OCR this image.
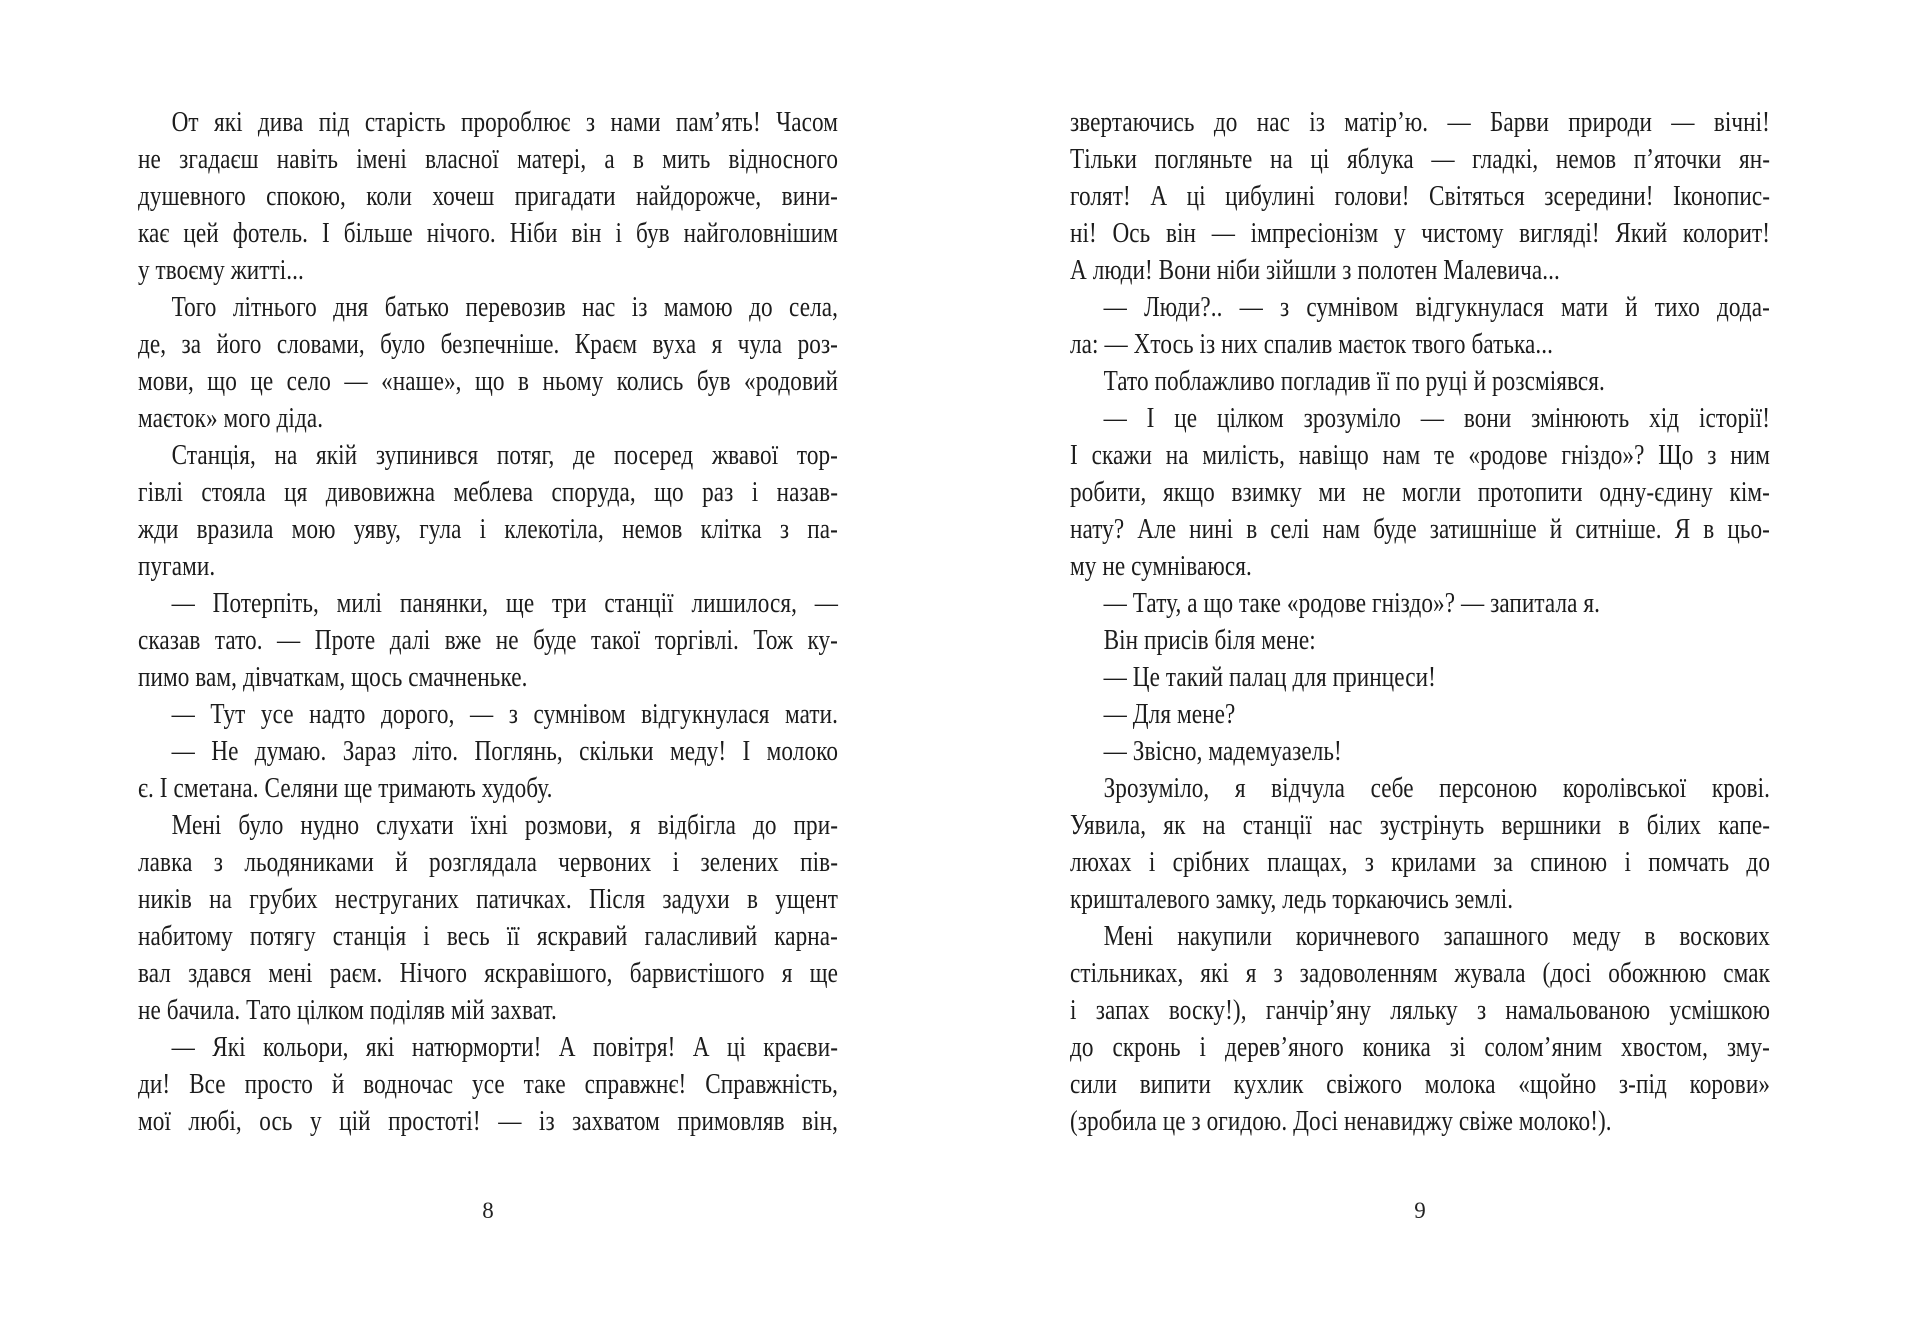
От які дива під старість пророблює з нами пам’ять! Часом
не згадаєш навіть імені власної матері, а в мить відносного
душевного спокою, коли хочеш пригадати найдорожче, вини-
кає цей фотель. І більше нічого. Ніби він і був найголовнішим
у твоєму житті...
Того літнього дня батько перевозив нас із мамою до села,
де, за його словами, було безпечніше. Краєм вуха я чула роз-
мови, що це село — «наше», що в ньому колись був «родовий
маєток» мого діда.
Станція, на якій зупинився потяг, де посеред жвавої тор-
гівлі стояла ця дивовижна меблева споруда, що раз і назав-
жди вразила мою уяву, гула і клекотіла, немов клітка з па-
пугами.
— Потерпіть, милі панянки, ще три станції лишилося, —
сказав тато. — Проте далі вже не буде такої торгівлі. Тож ку-
пимо вам, дівчаткам, щось смачненьке.
— Тут усе надто дорого, — з сумнівом відгукнулася мати.
— Не думаю. Зараз літо. Поглянь, скільки меду! І молоко
є. І сметана. Селяни ще тримають худобу.
Мені було нудно слухати їхні розмови, я відбігла до при-
лавка з льодяниками й розглядала червоних і зелених пів-
ників на грубих неструганих патичках. Після задухи в ущент
набитому потягу станція і весь її яскравий галасливий карна-
вал здався мені раєм. Нічого яскравішого, барвистішого я ще
не бачила. Тато цілком поділяв мій захват.
— Які кольори, які натюрморти! А повітря! А ці краєви-
ди! Все просто й водночас усе таке справжнє! Справжність,
мої любі, ось у цій простоті! — із захватом примовляв він,
8
звертаючись до нас із матір’ю. — Барви природи — вічні!
Тільки погляньте на ці яблука — гладкі, немов п’яточки ян-
голят! А ці цибулині голови! Світяться зсередини! Іконопис-
ні! Ось він — імпресіонізм у чистому вигляді! Який колорит!
А люди! Вони ніби зійшли з полотен Малевича...
— Люди?.. — з сумнівом відгукнулася мати й тихо дода-
ла: — Хтось із них спалив маєток твого батька...
Тато поблажливо погладив її по руці й розсміявся.
— І це цілком зрозуміло — вони змінюють хід історії!
І скажи на милість, навіщо нам те «родове гніздо»? Що з ним
робити, якщо взимку ми не могли протопити одну-єдину кім-
нату? Але нині в селі нам буде затишніше й ситніше. Я в цьо-
му не сумніваюся.
— Тату, а що таке «родове гніздо»? — запитала я.
Він присів біля мене:
— Це такий палац для принцеси!
— Для мене?
— Звісно, мадемуазель!
Зрозуміло, я відчула себе персоною королівської крові.
Уявила, як на станції нас зустрінуть вершники в білих капе-
люхах і срібних плащах, з крилами за спиною і помчать до
кришталевого замку, ледь торкаючись землі.
Мені накупили коричневого запашного меду в воскових
стільниках, які я з задоволенням жувала (досі обожнюю смак
і запах воску!), ганчір’яну ляльку з намальованою усмішкою
до скронь і дерев’яного коника зі солом’яним хвостом, зму-
сили випити кухлик свіжого молока «щойно з-під корови»
(зробила це з огидою. Досі ненавиджу свіже молоко!).
9
